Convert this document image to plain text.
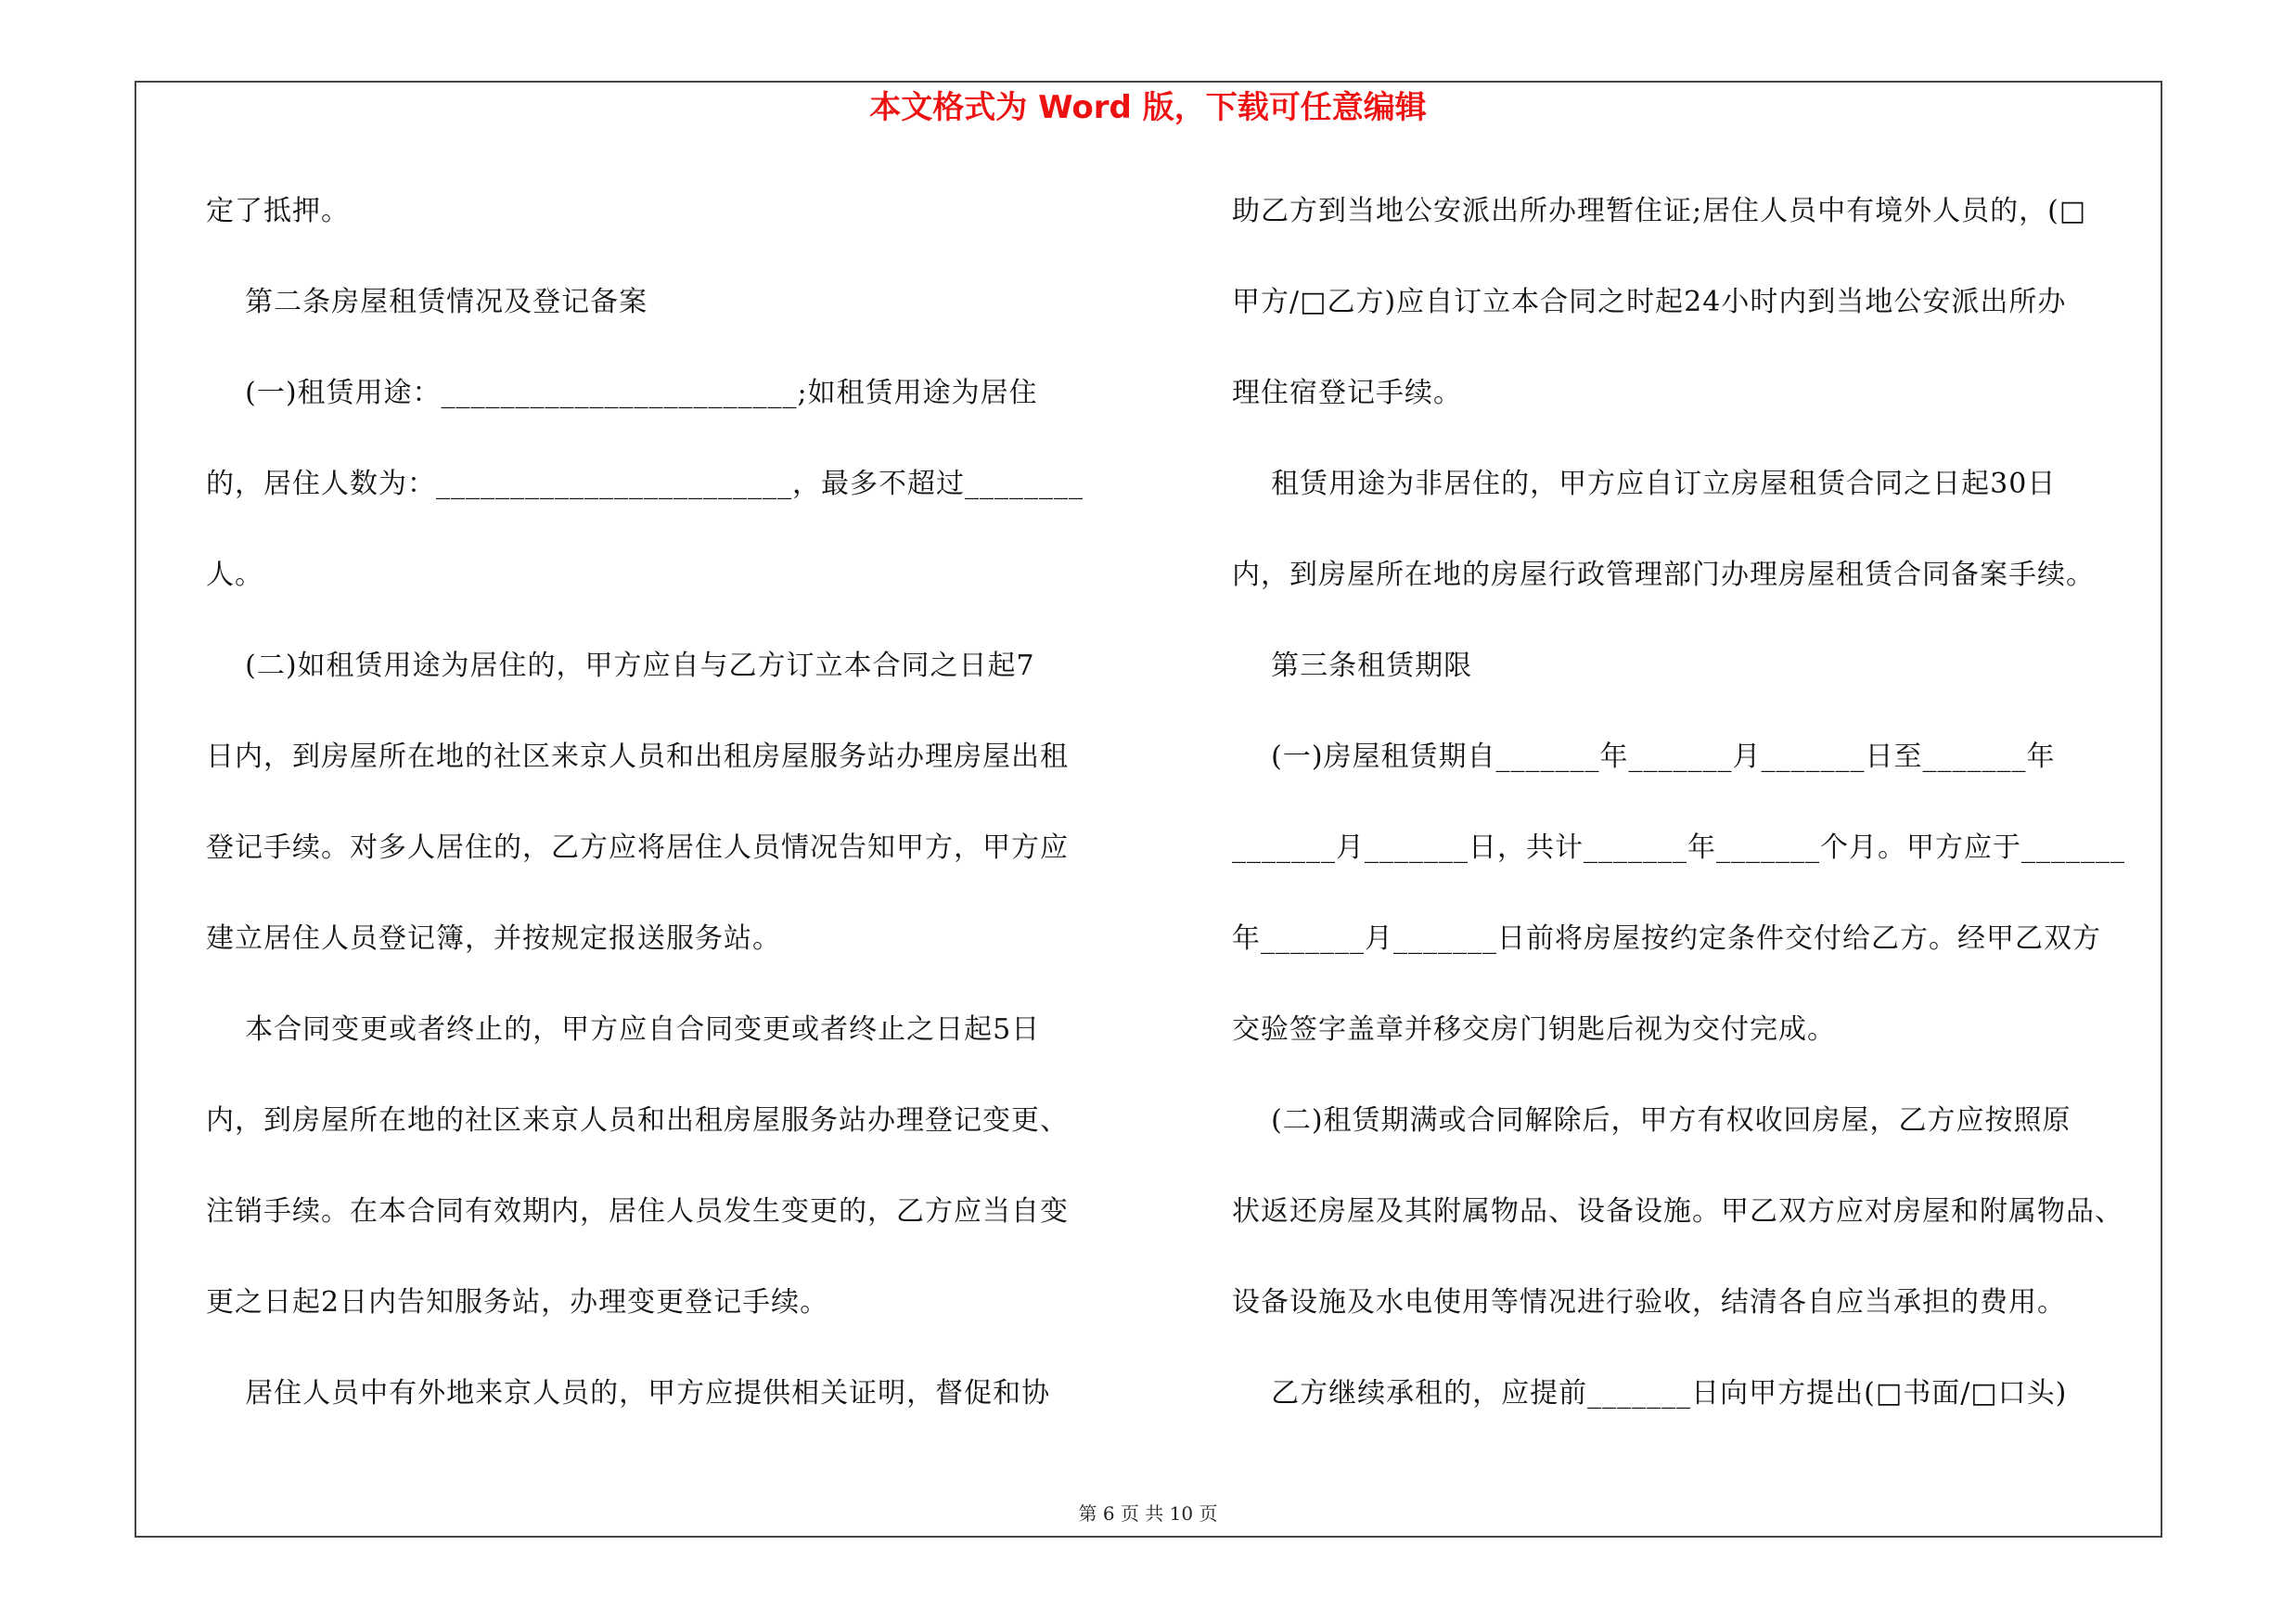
本文格式为 Word 版，下载可任意编辑
定了抵押。
第二条房屋租赁情况及登记备案
(一)租赁用途：________________________;如租赁用途为居住
的，居住人数为：________________________，最多不超过________
人。
(二)如租赁用途为居住的，甲方应自与乙方订立本合同之日起7
日内，到房屋所在地的社区来京人员和出租房屋服务站办理房屋出租
登记手续。对多人居住的，乙方应将居住人员情况告知甲方，甲方应
建立居住人员登记簿，并按规定报送服务站。
本合同变更或者终止的，甲方应自合同变更或者终止之日起5日
内，到房屋所在地的社区来京人员和出租房屋服务站办理登记变更、
注销手续。在本合同有效期内，居住人员发生变更的，乙方应当自变
更之日起2日内告知服务站，办理变更登记手续。
居住人员中有外地来京人员的，甲方应提供相关证明，督促和协
助乙方到当地公安派出所办理暂住证;居住人员中有境外人员的，(□
甲方/□乙方)应自订立本合同之时起24小时内到当地公安派出所办
理住宿登记手续。
租赁用途为非居住的，甲方应自订立房屋租赁合同之日起30日
内，到房屋所在地的房屋行政管理部门办理房屋租赁合同备案手续。
第三条租赁期限
(一)房屋租赁期自_______年_______月_______日至_______年
_______月_______日，共计_______年_______个月。甲方应于_______
年_______月_______日前将房屋按约定条件交付给乙方。经甲乙双方
交验签字盖章并移交房门钥匙后视为交付完成。
(二)租赁期满或合同解除后，甲方有权收回房屋，乙方应按照原
状返还房屋及其附属物品、设备设施。甲乙双方应对房屋和附属物品、
设备设施及水电使用等情况进行验收，结清各自应当承担的费用。
乙方继续承租的，应提前_______日向甲方提出(□书面/□口头)
第 6 页 共 10 页
